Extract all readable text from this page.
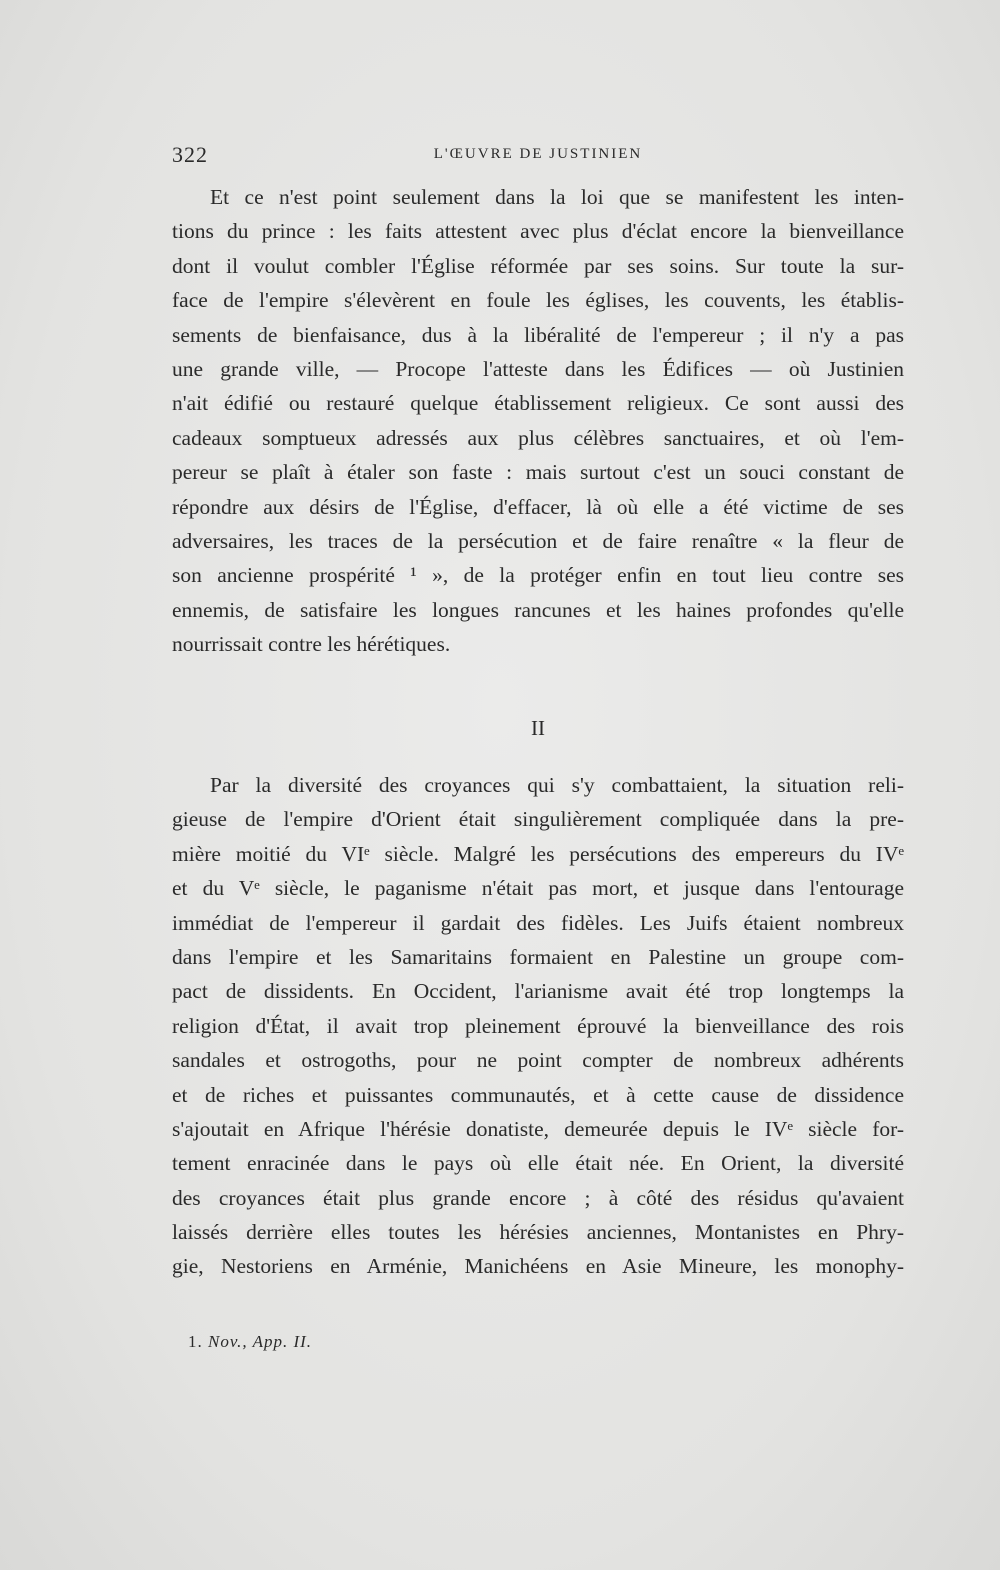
322	L'ŒUVRE DE JUSTINIEN
Et ce n'est point seulement dans la loi que se manifestent les inten-
tions du prince : les faits attestent avec plus d'éclat encore la bienveillance
dont il voulut combler l'Église réformée par ses soins. Sur toute la sur-
face de l'empire s'élevèrent en foule les églises, les couvents, les établis-
sements de bienfaisance, dus à la libéralité de l'empereur ; il n'y a pas
une grande ville, — Procope l'atteste dans les Édifices — où Justinien
n'ait édifié ou restauré quelque établissement religieux. Ce sont aussi des
cadeaux somptueux adressés aux plus célèbres sanctuaires, et où l'em-
pereur se plaît à étaler son faste : mais surtout c'est un souci constant de
répondre aux désirs de l'Église, d'effacer, là où elle a été victime de ses
adversaires, les traces de la persécution et de faire renaître « la fleur de
son ancienne prospérité ¹ », de la protéger enfin en tout lieu contre ses
ennemis, de satisfaire les longues rancunes et les haines profondes qu'elle
nourrissait contre les hérétiques.
II
Par la diversité des croyances qui s'y combattaient, la situation reli-
gieuse de l'empire d'Orient était singulièrement compliquée dans la pre-
mière moitié du VIᵉ siècle. Malgré les persécutions des empereurs du IVᵉ
et du Vᵉ siècle, le paganisme n'était pas mort, et jusque dans l'entourage
immédiat de l'empereur il gardait des fidèles. Les Juifs étaient nombreux
dans l'empire et les Samaritains formaient en Palestine un groupe com-
pact de dissidents. En Occident, l'arianisme avait été trop longtemps la
religion d'État, il avait trop pleinement éprouvé la bienveillance des rois
sandales et ostrogoths, pour ne point compter de nombreux adhérents
et de riches et puissantes communautés, et à cette cause de dissidence
s'ajoutait en Afrique l'hérésie donatiste, demeurée depuis le IVᵉ siècle for-
tement enracinée dans le pays où elle était née. En Orient, la diversité
des croyances était plus grande encore ; à côté des résidus qu'avaient
laissés derrière elles toutes les hérésies anciennes, Montanistes en Phry-
gie, Nestoriens en Arménie, Manichéens en Asie Mineure, les monophy-
1. Nov., App. II.
